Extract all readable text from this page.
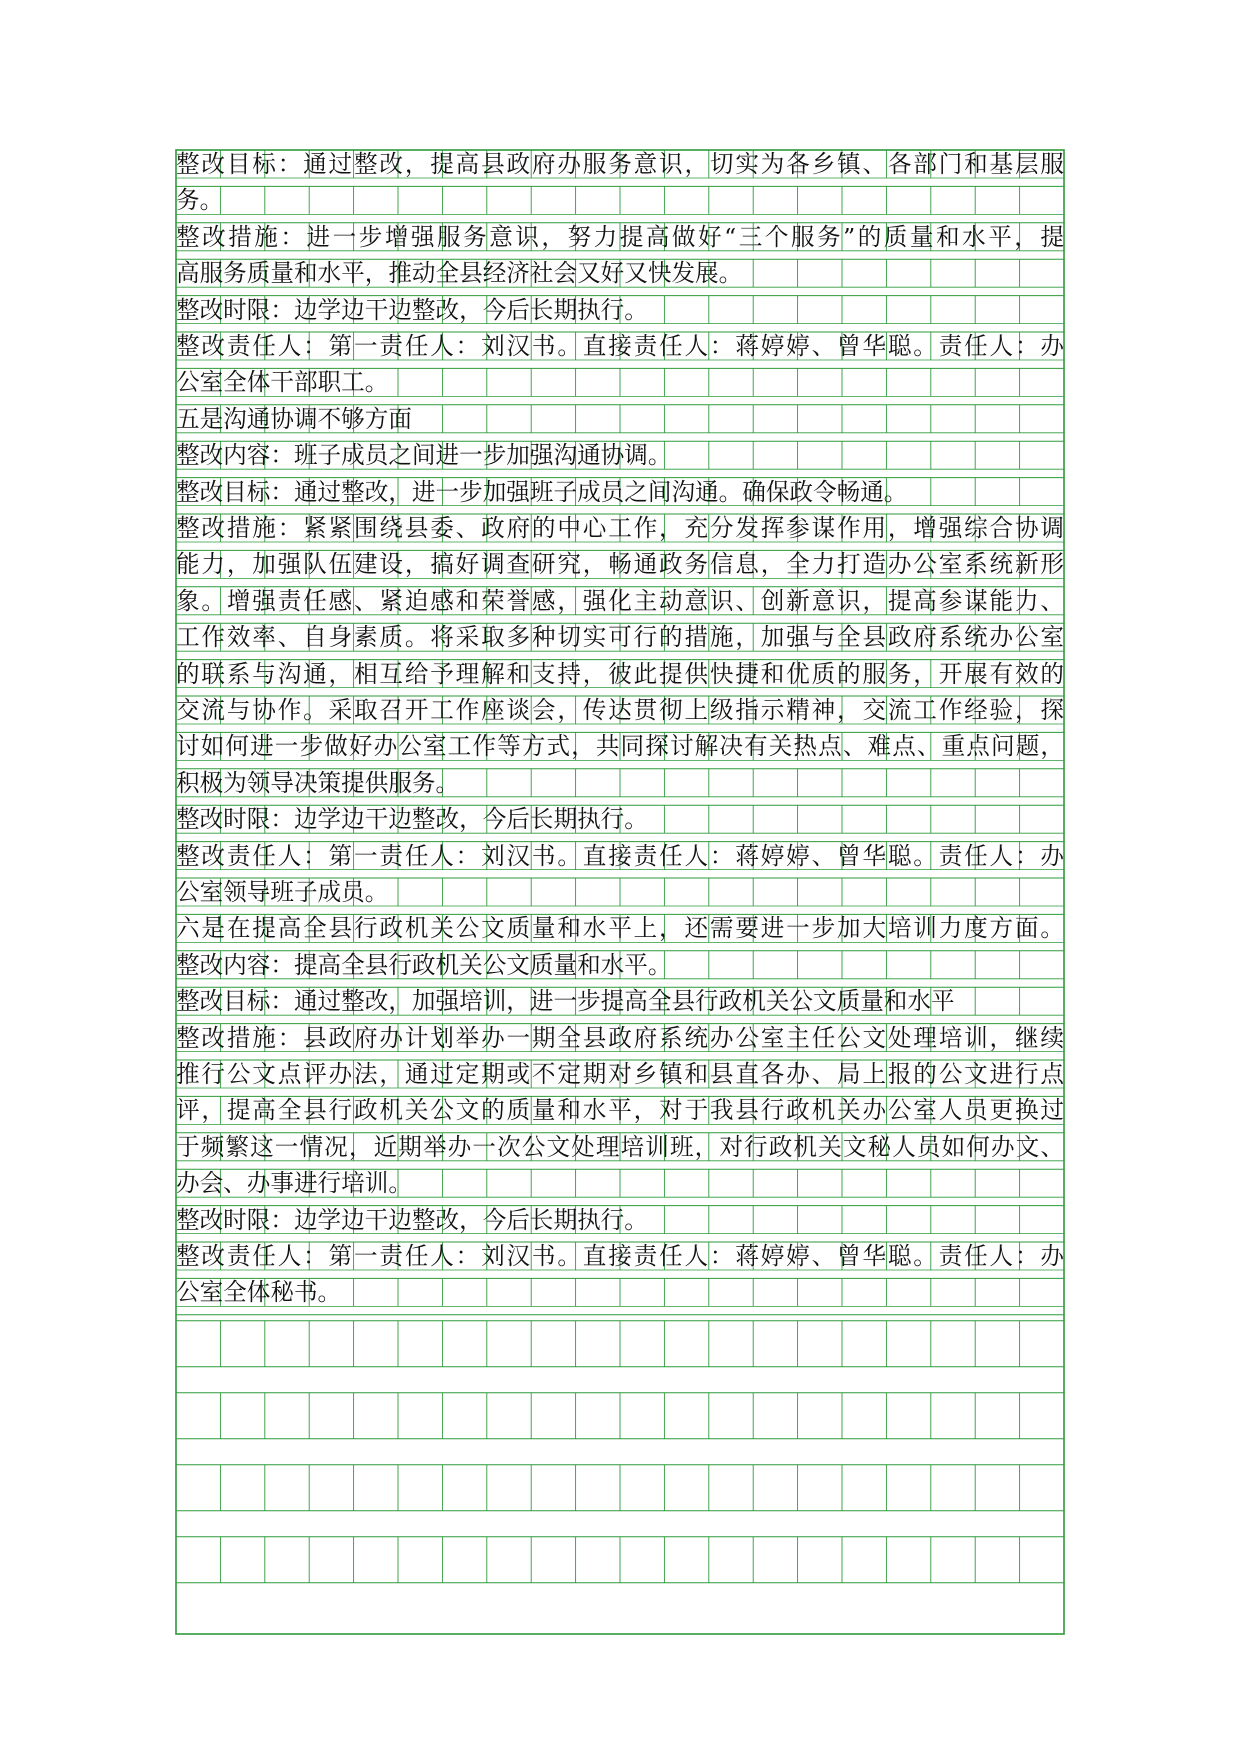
整改目标：通过整改，提高县政府办服务意识，切实为各乡镇、各部门和基层服
务。
整改措施：进一步增强服务意识，努力提高做好“三个服务”的质量和水平，提
高服务质量和水平，推动全县经济社会又好又快发展。
整改时限：边学边干边整改，今后长期执行。
整改责任人：第一责任人：刘汉书。直接责任人：蒋婷婷、曾华聪。责任人：办
公室全体干部职工。
五是沟通协调不够方面
整改内容：班子成员之间进一步加强沟通协调。
整改目标：通过整改，进一步加强班子成员之间沟通。确保政令畅通。
整改措施：紧紧围绕县委、政府的中心工作，充分发挥参谋作用，增强综合协调
能力，加强队伍建设，搞好调查研究，畅通政务信息，全力打造办公室系统新形
象。增强责任感、紧迫感和荣誉感，强化主动意识、创新意识，提高参谋能力、
工作效率、自身素质。将采取多种切实可行的措施，加强与全县政府系统办公室
的联系与沟通，相互给予理解和支持，彼此提供快捷和优质的服务，开展有效的
交流与协作。采取召开工作座谈会，传达贯彻上级指示精神，交流工作经验，探
讨如何进一步做好办公室工作等方式，共同探讨解决有关热点、难点、重点问题，
积极为领导决策提供服务。
整改时限：边学边干边整改，今后长期执行。
整改责任人：第一责任人：刘汉书。直接责任人：蒋婷婷、曾华聪。责任人：办
公室领导班子成员。
六是在提高全县行政机关公文质量和水平上，还需要进一步加大培训力度方面。
整改内容：提高全县行政机关公文质量和水平。
整改目标：通过整改，加强培训，进一步提高全县行政机关公文质量和水平
整改措施：县政府办计划举办一期全县政府系统办公室主任公文处理培训，继续
推行公文点评办法，通过定期或不定期对乡镇和县直各办、局上报的公文进行点
评，提高全县行政机关公文的质量和水平，对于我县行政机关办公室人员更换过
于频繁这一情况，近期举办一次公文处理培训班，对行政机关文秘人员如何办文、
办会、办事进行培训。
整改时限：边学边干边整改，今后长期执行。
整改责任人：第一责任人：刘汉书。直接责任人：蒋婷婷、曾华聪。责任人：办
公室全体秘书。
